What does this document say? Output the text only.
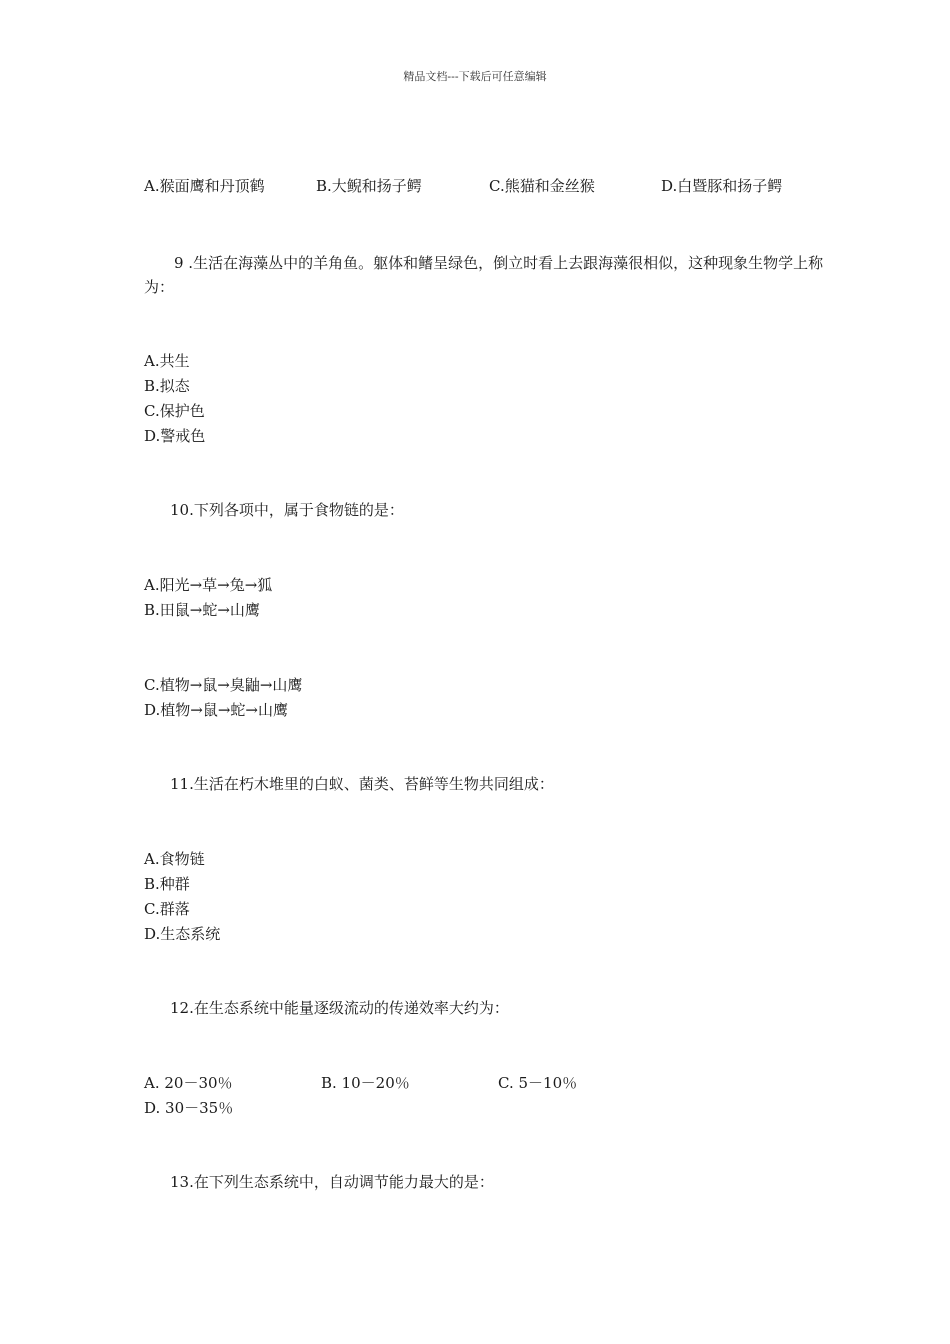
精品文档---下载后可任意编辑
A.猴面鹰和丹顶鹤	B.大鲵和扬子鳄	C.熊猫和金丝猴	D.白暨豚和扬子鳄
9 .生活在海藻丛中的羊角鱼。躯体和鳍呈绿色，倒立时看上去跟海藻很相似，这种现象生物学上称为：
A.共生
B.拟态
C.保护色
D.警戒色
10.下列各项中，属于食物链的是：
A.阳光→草→兔→狐
B.田鼠→蛇→山鹰
C.植物→鼠→臭鼬→山鹰
D.植物→鼠→蛇→山鹰
11.生活在朽木堆里的白蚁、菌类、苔鲜等生物共同组成：
A.食物链
B.种群
C.群落
D.生态系统
12.在生态系统中能量逐级流动的传递效率大约为：
A. 20－30％	B. 10－20％	C. 5－10％
D. 30－35％
13.在下列生态系统中，自动调节能力最大的是：
